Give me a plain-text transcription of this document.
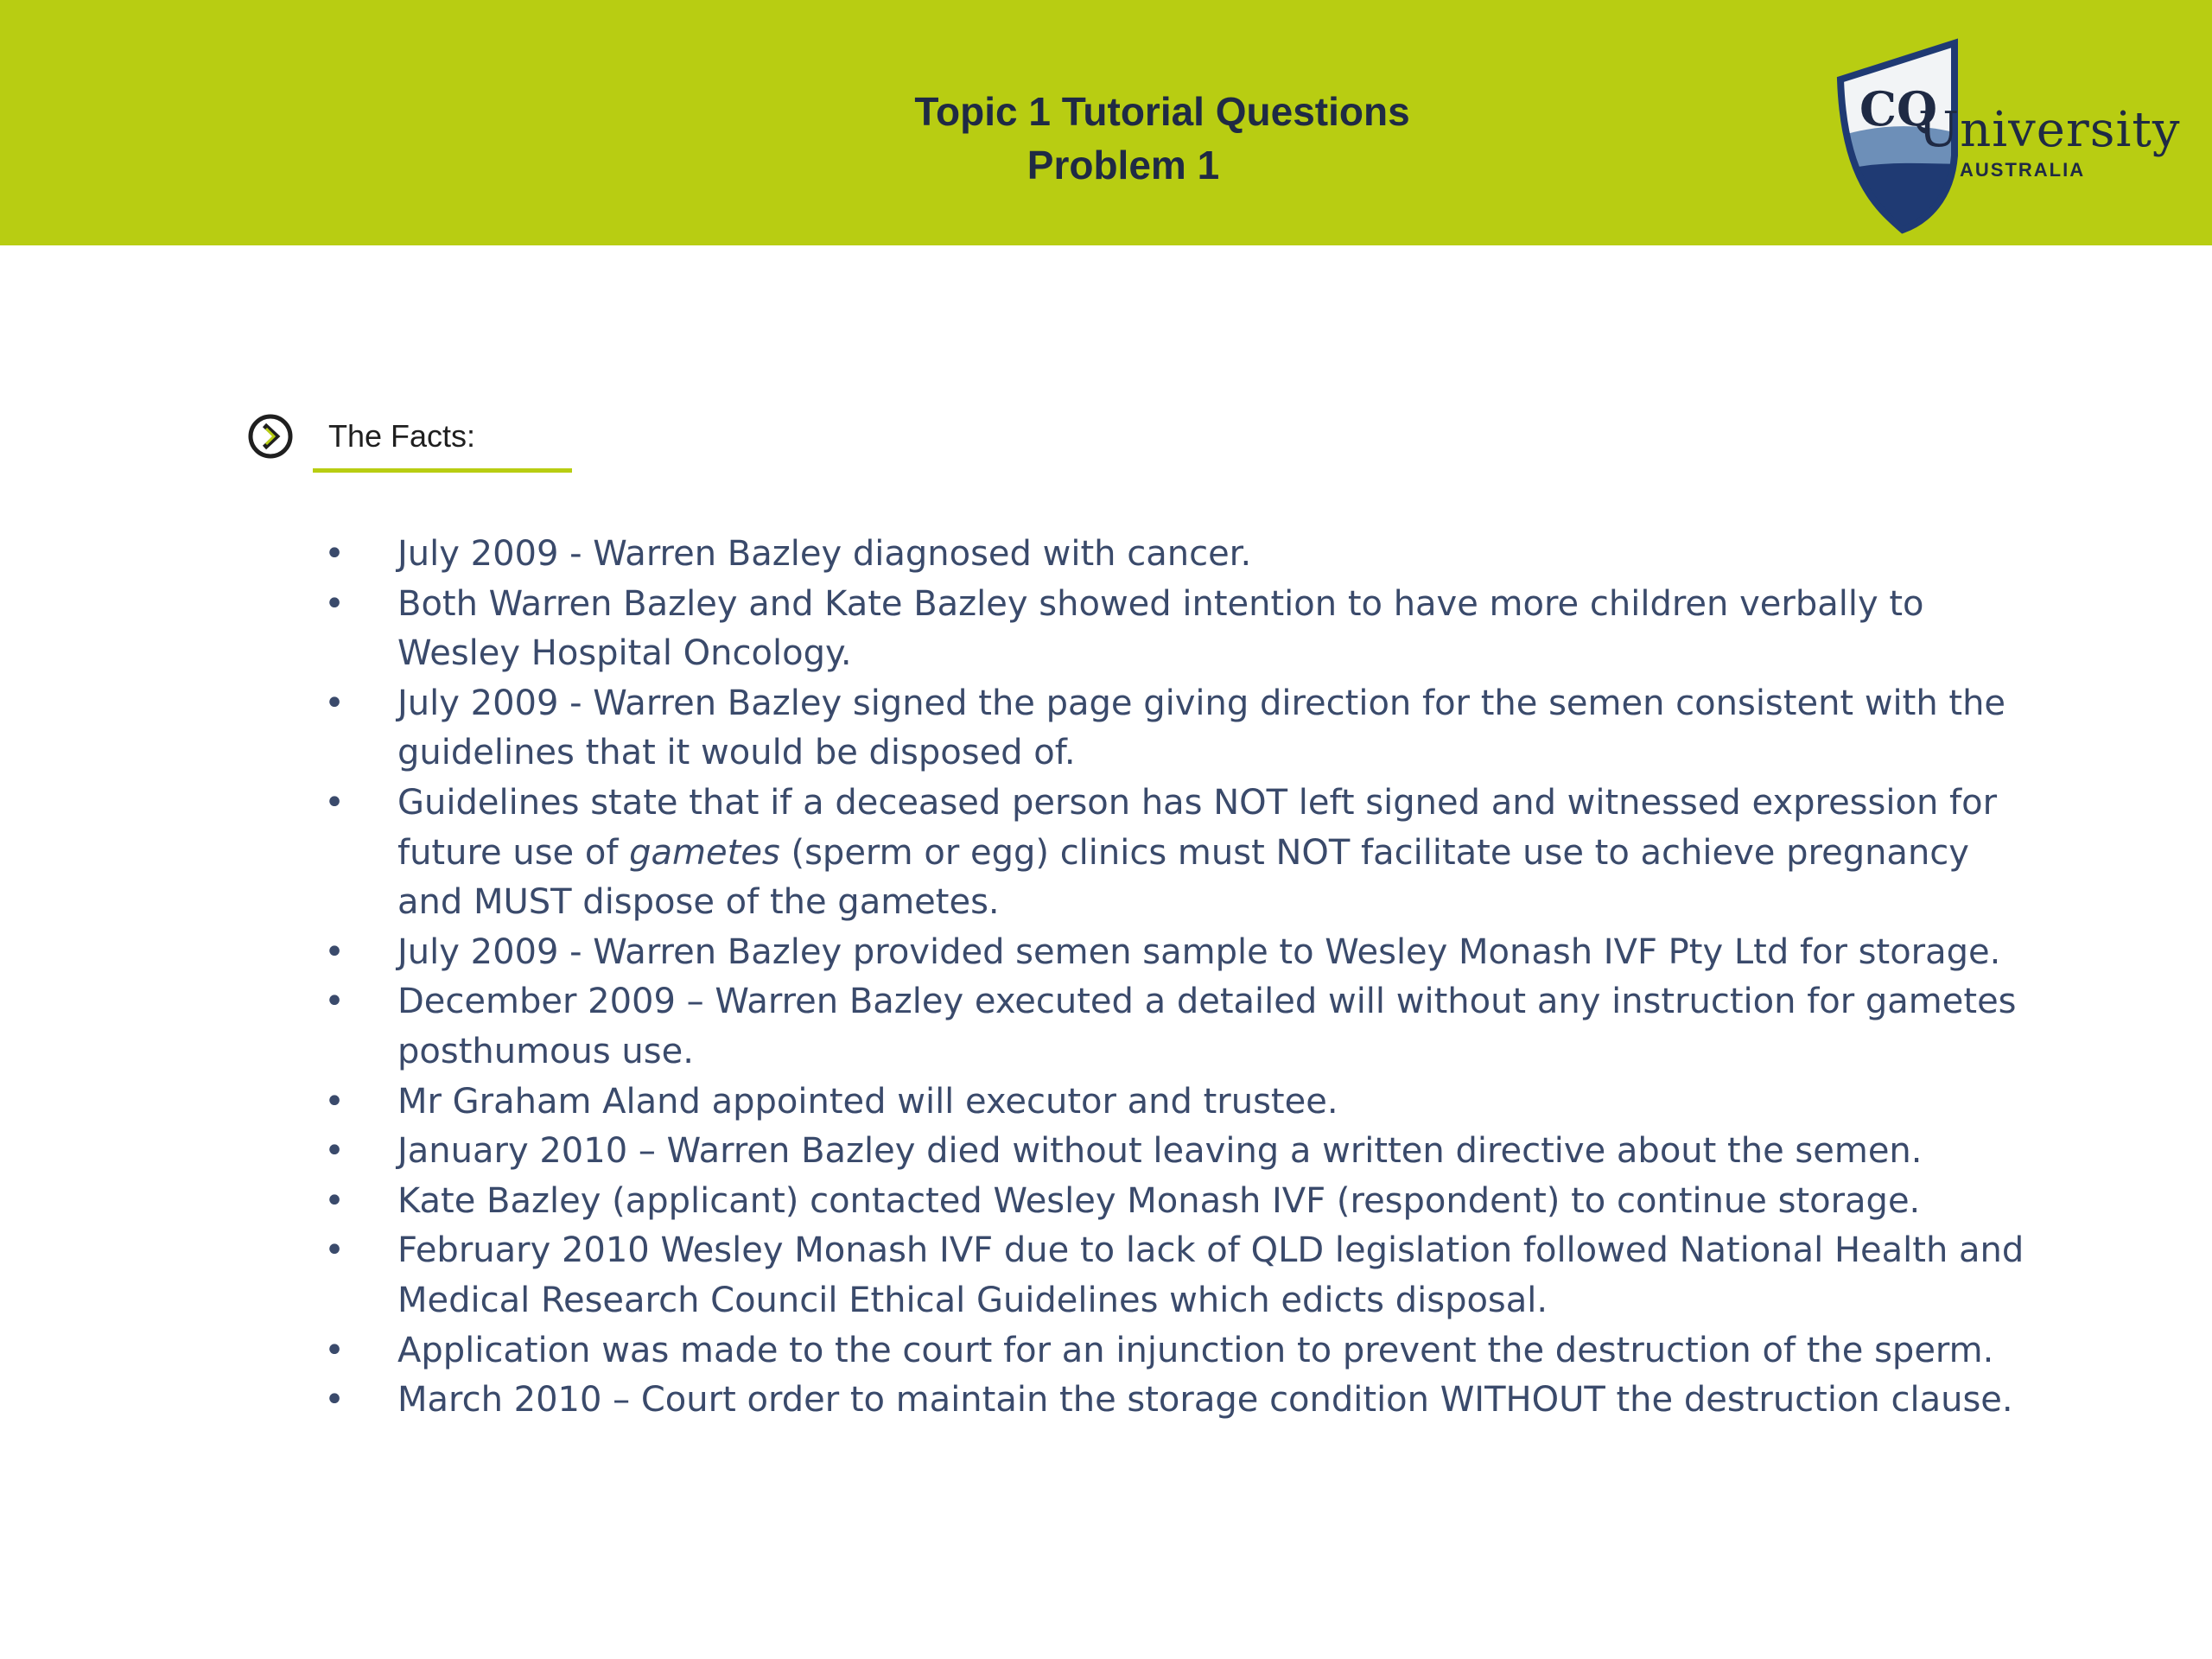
Topic 1 Tutorial Questions
Problem 1
CQ
University
AUSTRALIA
The Facts:
• July 2009 - Warren Bazley diagnosed with cancer.
• Both Warren Bazley and Kate Bazley showed intention to have more children verbally to Wesley Hospital Oncology.
• July 2009 - Warren Bazley signed the page giving direction for the semen consistent with the guidelines that it would be disposed of.
• Guidelines state that if a deceased person has NOT left signed and witnessed expression for future use of gametes (sperm or egg) clinics must NOT facilitate use to achieve pregnancy and MUST dispose of the gametes.
• July 2009 - Warren Bazley provided semen sample to Wesley Monash IVF Pty Ltd for storage.
• December 2009 – Warren Bazley executed a detailed will without any instruction for gametes posthumous use.
• Mr Graham Aland appointed will executor and trustee.
• January 2010 – Warren Bazley died without leaving a written directive about the semen.
• Kate Bazley (applicant) contacted Wesley Monash IVF (respondent) to continue storage.
• February 2010 Wesley Monash IVF due to lack of QLD legislation followed National Health and Medical Research Council Ethical Guidelines which edicts disposal.
• Application was made to the court for an injunction to prevent the destruction of the sperm.
• March 2010 – Court order to maintain the storage condition WITHOUT the destruction clause.
